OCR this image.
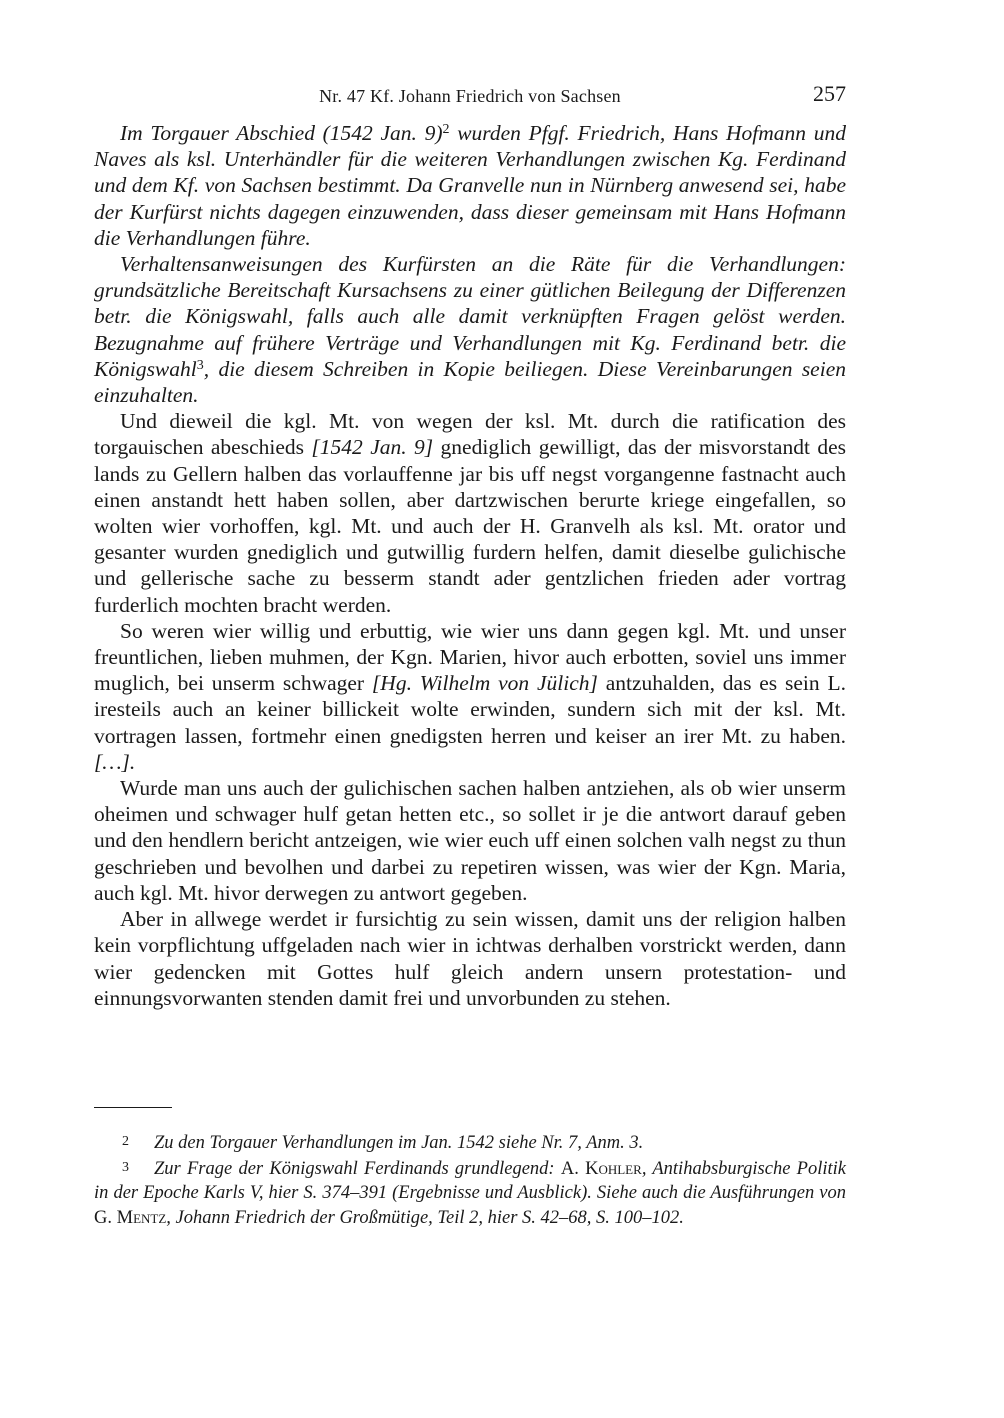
Nr. 47 Kf. Johann Friedrich von Sachsen	257

Im Torgauer Abschied (1542 Jan. 9)$^2$ wurden Pfgf. Friedrich, Hans Hofmann und Naves als ksl. Unterhändler für die weiteren Verhandlungen zwischen Kg. Ferdinand und dem Kf. von Sachsen bestimmt. Da Granvelle nun in Nürnberg anwesend sei, habe der Kurfürst nichts dagegen einzuwenden, dass dieser gemeinsam mit Hans Hofmann die Verhandlungen führe.

Verhaltensanweisungen des Kurfürsten an die Räte für die Verhandlungen: grundsätzliche Bereitschaft Kursachsens zu einer gütlichen Beilegung der Differenzen betr. die Königswahl, falls auch alle damit verknüpften Fragen gelöst werden. Bezugnahme auf frühere Verträge und Verhandlungen mit Kg. Ferdinand betr. die Königswahl$^3$, die diesem Schreiben in Kopie beiliegen. Diese Vereinbarungen seien einzuhalten.

Und dieweil die kgl. Mt. von wegen der ksl. Mt. durch die ratification des torgauischen abeschieds [1542 Jan. 9] gnediglich gewilligt, das der misvorstandt des lands zu Gellern halben das vorlauffenne jar bis uff negst vorgangenne fastnacht auch einen anstandt hett haben sollen, aber dartzwischen berurte kriege eingefallen, so wolten wier vorhoffen, kgl. Mt. und auch der H. Granvelh als ksl. Mt. orator und gesanter wurden gnediglich und gutwillig furdern helfen, damit dieselbe gulichische und gellerische sache zu besserm standt ader gentzlichen frieden ader vortrag furderlich mochten bracht werden.

So weren wier willig und erbuttig, wie wier uns dann gegen kgl. Mt. und unser freuntlichen, lieben muhmen, der Kgn. Marien, hivor auch erbotten, soviel uns immer muglich, bei unserm schwager [Hg. Wilhelm von Jülich] antzuhalden, das es sein L. iresteils auch an keiner billickeit wolte erwinden, sundern sich mit der ksl. Mt. vortragen lassen, fortmehr einen gnedigsten herren und keiser an irer Mt. zu haben. […].

Wurde man uns auch der gulichischen sachen halben antziehen, als ob wier unserm oheimen und schwager hulf getan hetten etc., so sollet ir je die antwort darauf geben und den hendlern bericht antzeigen, wie wier euch uff einen solchen valh negst zu thun geschrieben und bevolhen und darbei zu repetiren wissen, was wier der Kgn. Maria, auch kgl. Mt. hivor derwegen zu antwort gegeben.

Aber in allwege werdet ir fursichtig zu sein wissen, damit uns der religion halben kein vorpflichtung uffgeladen nach wier in ichtwas derhalben vorstrickt werden, dann wier gedencken mit Gottes hulf gleich andern unsern protestation- und einnungsvorwanten stenden damit frei und unvorbunden zu stehen.

2 Zu den Torgauer Verhandlungen im Jan. 1542 siehe Nr. 7, Anm. 3.

3 Zur Frage der Königswahl Ferdinands grundlegend: A. Kohler, Antihabsburgische Politik in der Epoche Karls V, hier S. 374–391 (Ergebnisse und Ausblick). Siehe auch die Ausführungen von G. Mentz, Johann Friedrich der Großmütige, Teil 2, hier S. 42–68, S. 100–102.
